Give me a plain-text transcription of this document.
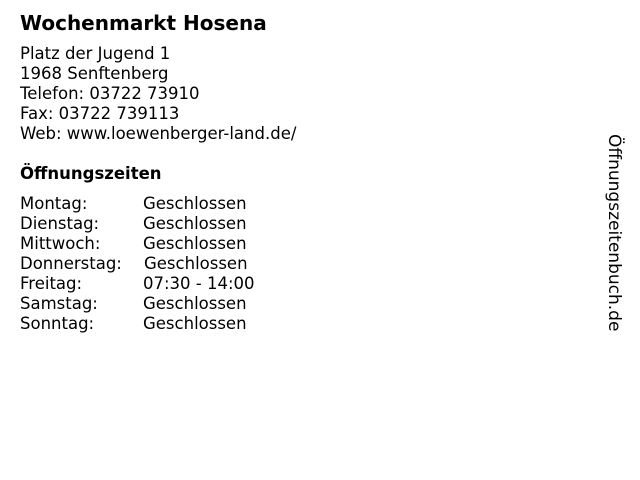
Wochenmarkt Hosena
Platz der Jugend 1
1968 Senftenberg
Telefon: 03722 73910
Fax: 03722 739113
Web: www.loewenberger-land.de/
Öffnungszeiten
Montag:	Geschlossen
Dienstag:	Geschlossen
Mittwoch:	Geschlossen
Donnerstag: Geschlossen
Freitag:	07:30 - 14:00
Samstag:	Geschlossen
Sonntag:	Geschlossen	Öffnungszeitenbuch.de
